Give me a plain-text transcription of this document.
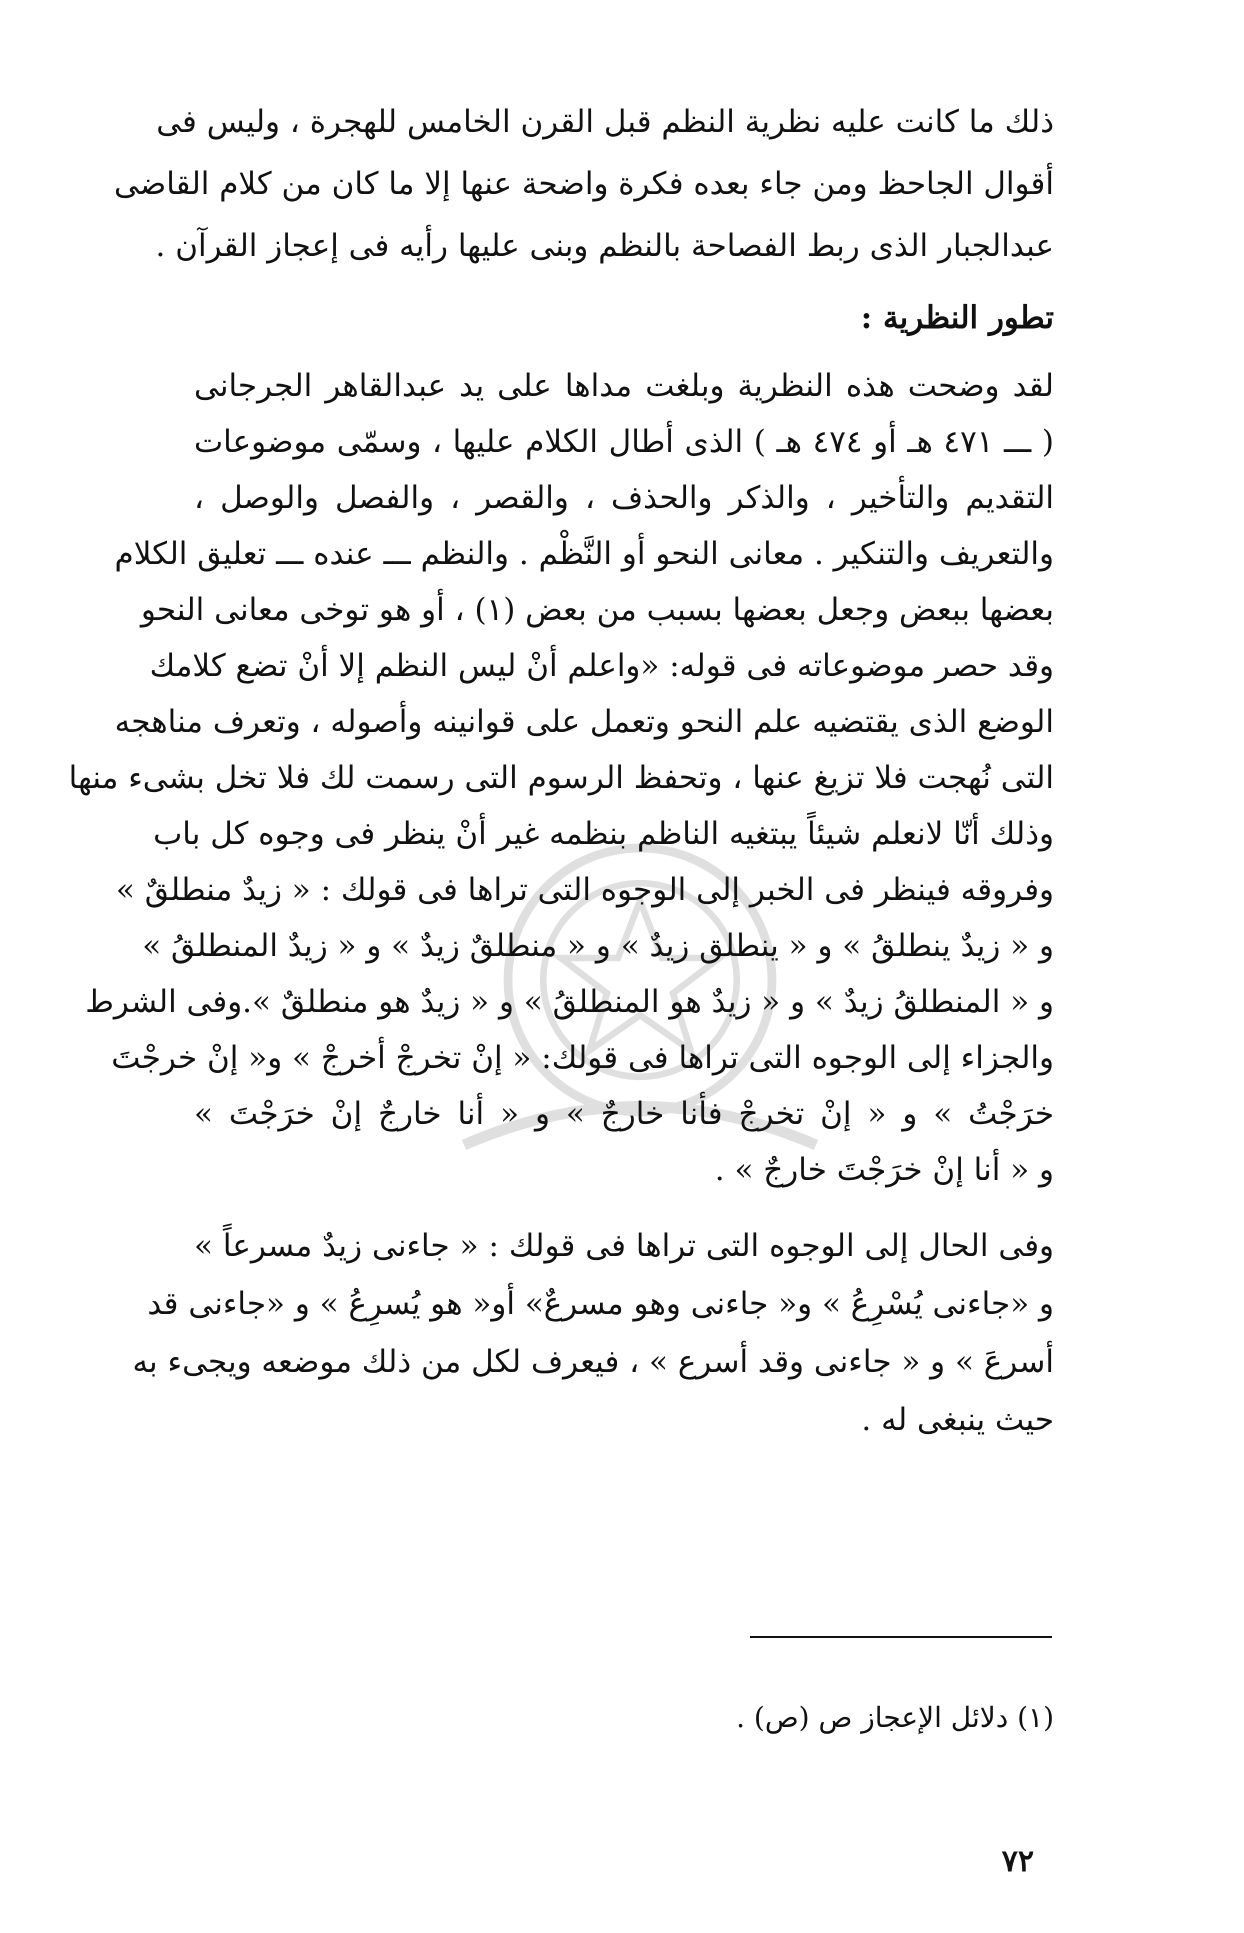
ذلك ما كانت عليه نظرية النظم قبل القرن الخامس للهجرة ، وليس فى
أقوال الجاحظ ومن جاء بعده فكرة واضحة عنها إلا ما كان من كلام القاضى
عبدالجبار الذى ربط الفصاحة بالنظم وبنى عليها رأيه فى إعجاز القرآن .
تطور النظرية :
لقد وضحت هذه النظرية وبلغت مداها على يد عبدالقاهر الجرجانى
( ـــ ٤٧١ هـ أو ٤٧٤ هـ ) الذى أطال الكلام عليها ، وسمّى موضوعات
التقديم والتأخير ، والذكر والحذف ، والقصر ، والفصل والوصل ،
والتعريف والتنكير . معانى النحو أو النَّظْم . والنظم ـــ عنده ـــ تعليق الكلام
بعضها ببعض وجعل بعضها بسبب من بعض (١) ، أو هو توخى معانى النحو
وقد حصر موضوعاته فى قوله: «واعلم أنْ ليس النظم إلا أنْ تضع كلامك
الوضع الذى يقتضيه علم النحو وتعمل على قوانينه وأصوله ، وتعرف مناهجه
التى نُهجت فلا تزيغ عنها ، وتحفظ الرسوم التى رسمت لك فلا تخل بشىء منها
وذلك أنّا لانعلم شيئاً يبتغيه الناظم بنظمه غير أنْ ينظر فى وجوه كل باب
وفروقه فينظر فى الخبر إلى الوجوه التى تراها فى قولك : « زيدٌ منطلقٌ »
و « زيدٌ ينطلقُ » و « ينطلق زيدٌ » و « منطلقٌ زيدٌ » و « زيدٌ المنطلقُ »
و « المنطلقُ زيدٌ » و « زيدٌ هو المنطلقُ » و « زيدٌ هو منطلقٌ ».وفى الشرط
والجزاء إلى الوجوه التى تراها فى قولك: « إنْ تخرجْ أخرجْ » و« إنْ خرجْتَ
خرَجْتُ » و « إنْ تخرجْ فأنا خارجٌ » و « أنا خارجٌ إنْ خرَجْتَ »
و « أنا إنْ خرَجْتَ خارجٌ » .
وفى الحال إلى الوجوه التى تراها فى قولك : « جاءنى زيدٌ مسرعاً »
و «جاءنى يُسْرِعُ » و« جاءنى وهو مسرعٌ» أو« هو يُسرِعُ » و «جاءنى قد
أسرعَ » و « جاءنى وقد أسرع » ، فيعرف لكل من ذلك موضعه ويجىء به
حيث ينبغى له .
(١) دلائل الإعجاز ص (ص) .
٧٢
